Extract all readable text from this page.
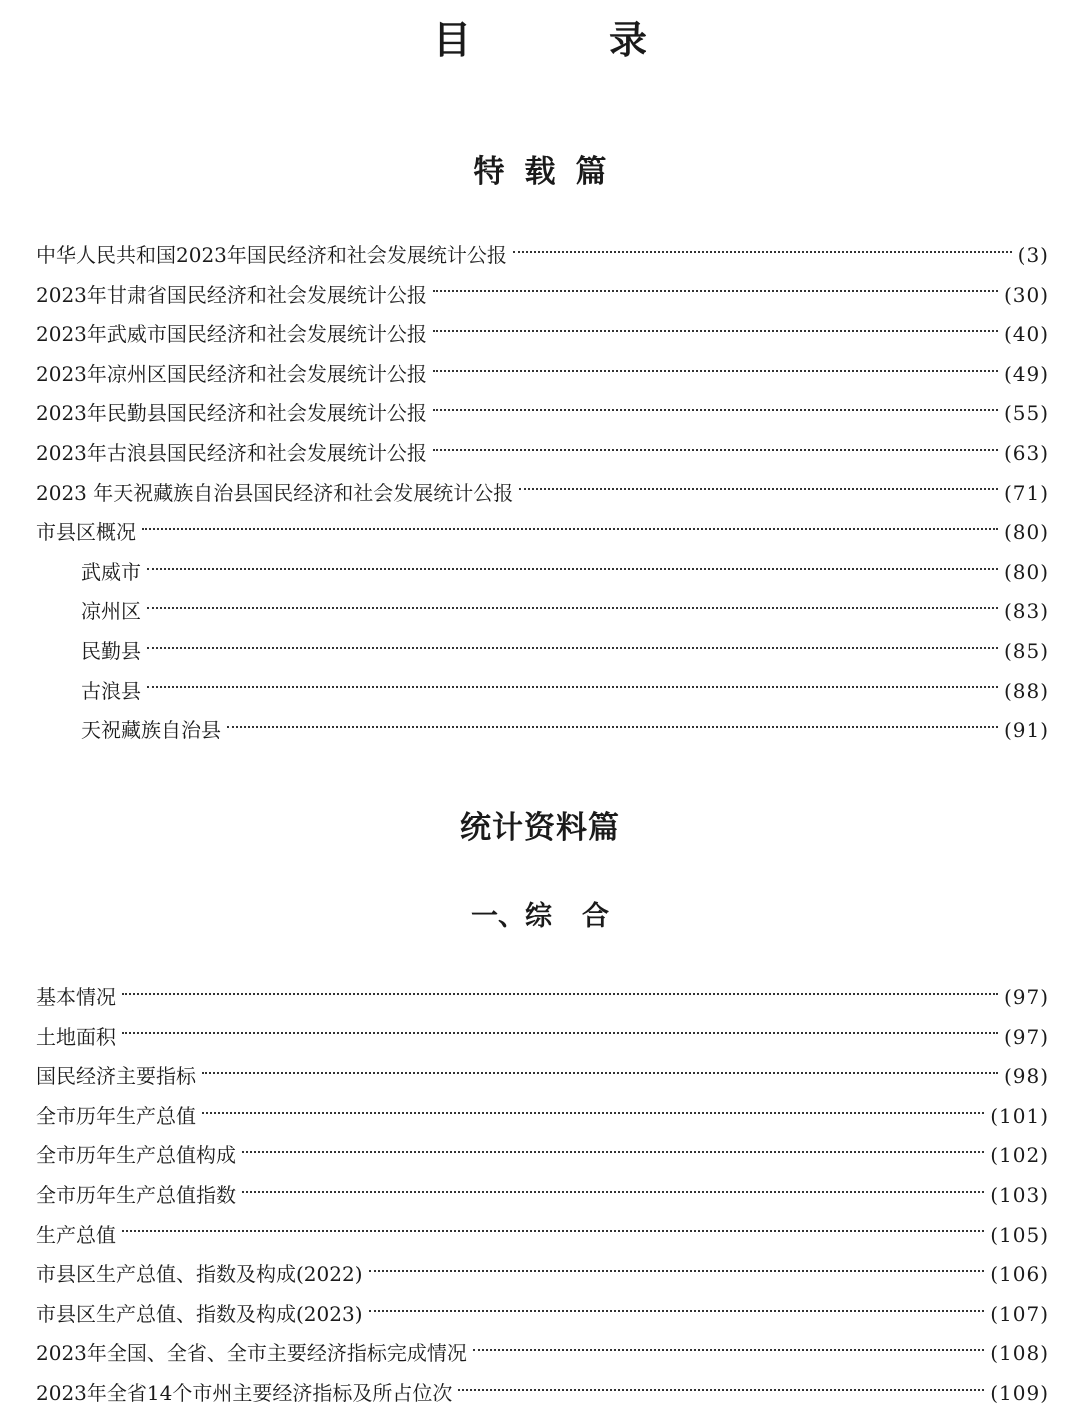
目　录
特载篇
中华人民共和国2023年国民经济和社会发展统计公报	(3)
2023年甘肃省国民经济和社会发展统计公报	(30)
2023年武威市国民经济和社会发展统计公报	(40)
2023年凉州区国民经济和社会发展统计公报	(49)
2023年民勤县国民经济和社会发展统计公报	(55)
2023年古浪县国民经济和社会发展统计公报	(63)
2023 年天祝藏族自治县国民经济和社会发展统计公报	(71)
市县区概况	(80)
武威市	(80)
凉州区	(83)
民勤县	(85)
古浪县	(88)
天祝藏族自治县	(91)
统计资料篇
一、综 合
基本情况	(97)
土地面积	(97)
国民经济主要指标	(98)
全市历年生产总值	(101)
全市历年生产总值构成	(102)
全市历年生产总值指数	(103)
生产总值	(105)
市县区生产总值、指数及构成(2022)	(106)
市县区生产总值、指数及构成(2023)	(107)
2023年全国、全省、全市主要经济指标完成情况	(108)
2023年全省14个市州主要经济指标及所占位次	(109)
